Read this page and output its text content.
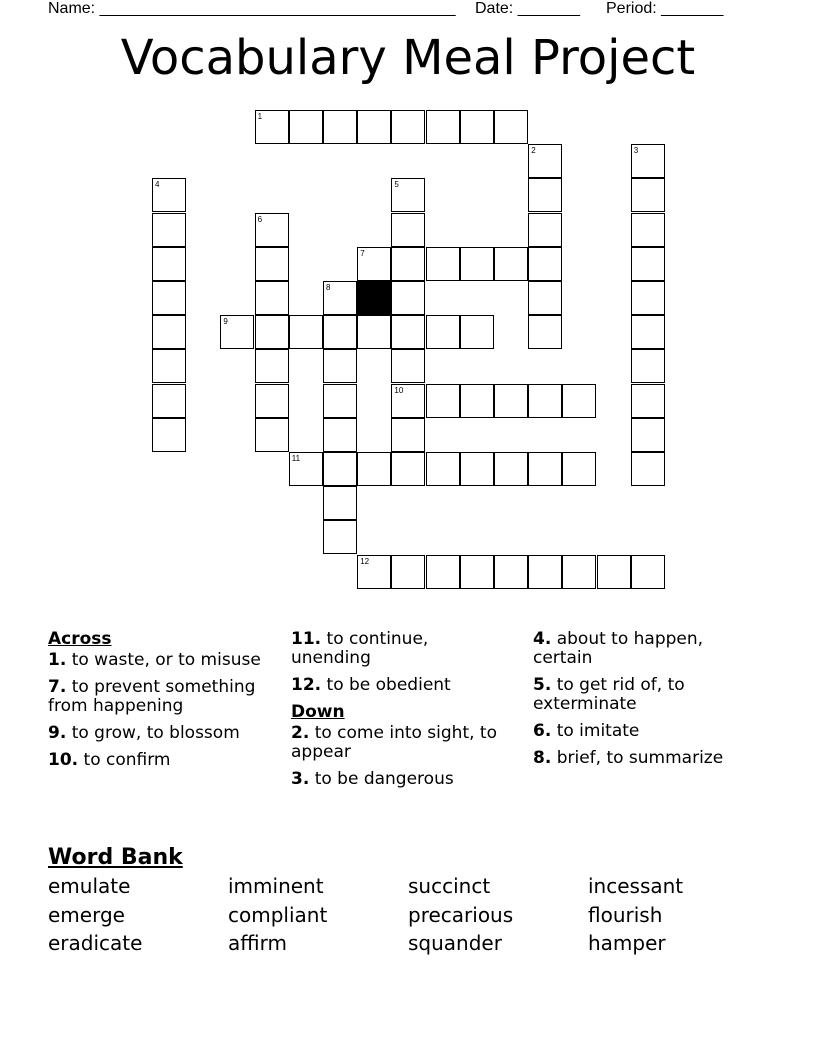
Name: ________________________________________ Date: _______ Period: _______
Vocabulary Meal Project
1
2	3
4	5
10
6
7
8
9
11
12
Across
1. to waste, or to misuse
7. to prevent something from happening
9. to grow, to blossom
10. to confirm
11. to continue, unending
12. to be obedient
Down
2. to come into sight, to appear
3. to be dangerous
4. about to happen, certain
5. to get rid of, to exterminate
6. to imitate
8. brief, to summarize
Word Bank
emulate
emerge
eradicate
imminent
compliant
affirm
succinct
precarious
squander
incessant
flourish
hamper
